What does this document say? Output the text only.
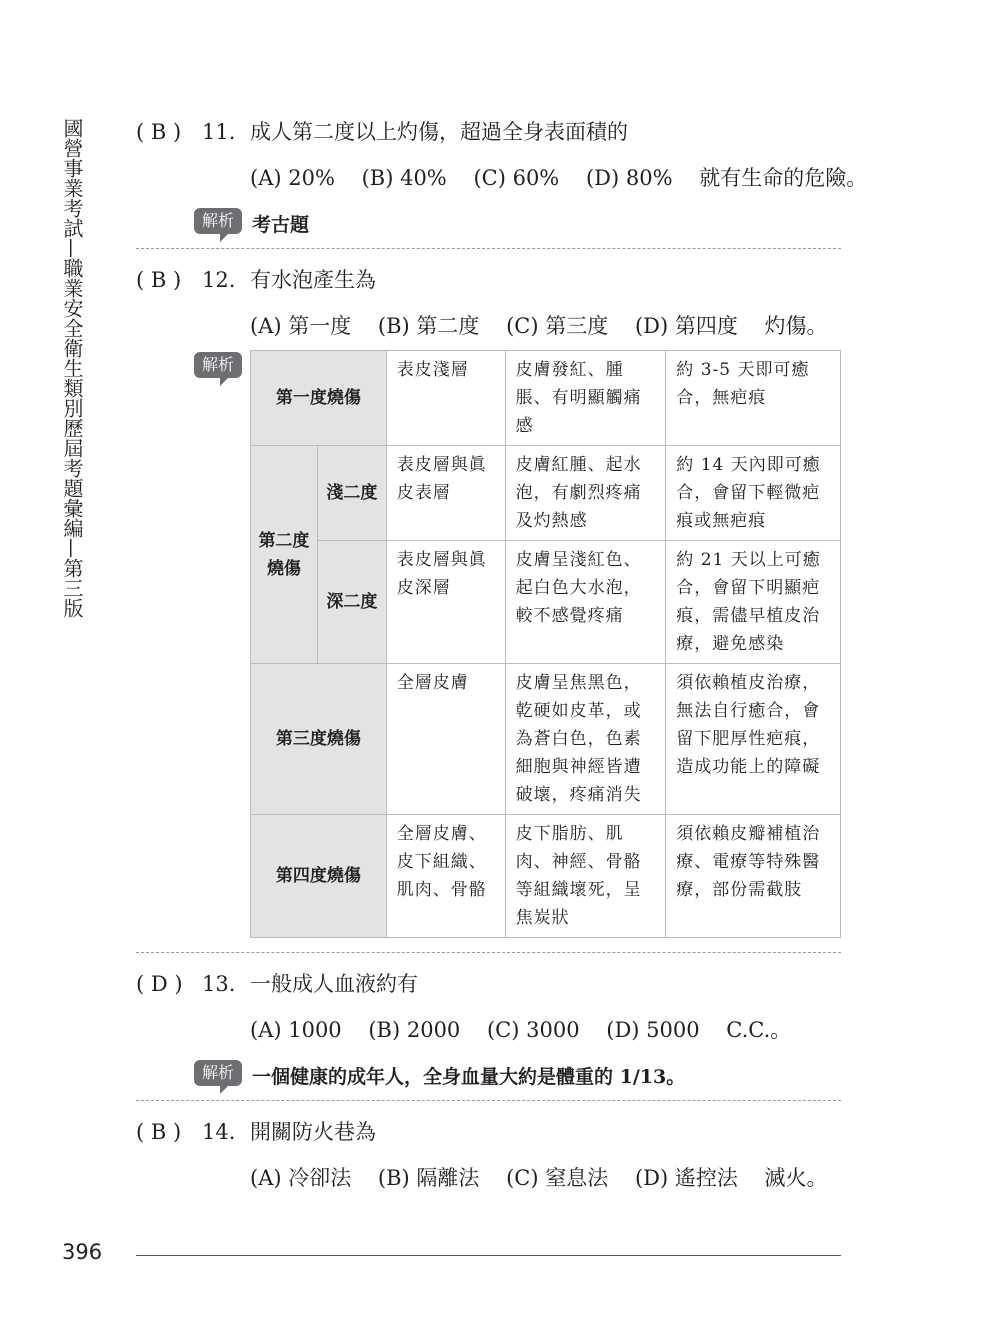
國營事業考試—職業安全衛生類別歷屆考題彙編—第三版 ( B ) 11. 成人第二度以上灼傷，超過全身表面積的
(A) 20% (B) 40% (C) 60% (D) 80% 就有生命的危險。
解析 考古題
( B ) 12. 有水泡產生為
(A) 第一度 (B) 第二度 (C) 第三度 (D) 第四度 灼傷。
解析
第一度燒傷		表皮淺層	皮膚發紅、腫脹、有明顯觸痛感	約 3-5 天即可癒合，無疤痕
第二度燒傷	淺二度	表皮層與眞皮表層	皮膚紅腫、起水泡，有劇烈疼痛及灼熱感	約 14 天內即可癒合，會留下輕微疤痕或無疤痕
	深二度	表皮層與眞皮深層	皮膚呈淺紅色、起白色大水泡，較不感覺疼痛	約 21 天以上可癒合，會留下明顯疤痕，需儘早植皮治療，避免感染
第三度燒傷		全層皮膚	皮膚呈焦黑色，乾硬如皮革，或為蒼白色，色素細胞與神經皆遭破壞，疼痛消失	須依賴植皮治療，無法自行癒合，會留下肥厚性疤痕，造成功能上的障礙
第四度燒傷		全層皮膚、皮下組織、肌肉、骨骼	皮下脂肪、肌肉、神經、骨骼等組織壞死，呈焦炭狀	須依賴皮瓣補植治療、電療等特殊醫療，部份需截肢
( D ) 13. 一般成人血液約有
(A) 1000 (B) 2000 (C) 3000 (D) 5000 C.C.。
解析 一個健康的成年人，全身血量大約是體重的 1/13。
( B ) 14. 開關防火巷為
(A) 冷卻法 (B) 隔離法 (C) 窒息法 (D) 遙控法 滅火。
396
